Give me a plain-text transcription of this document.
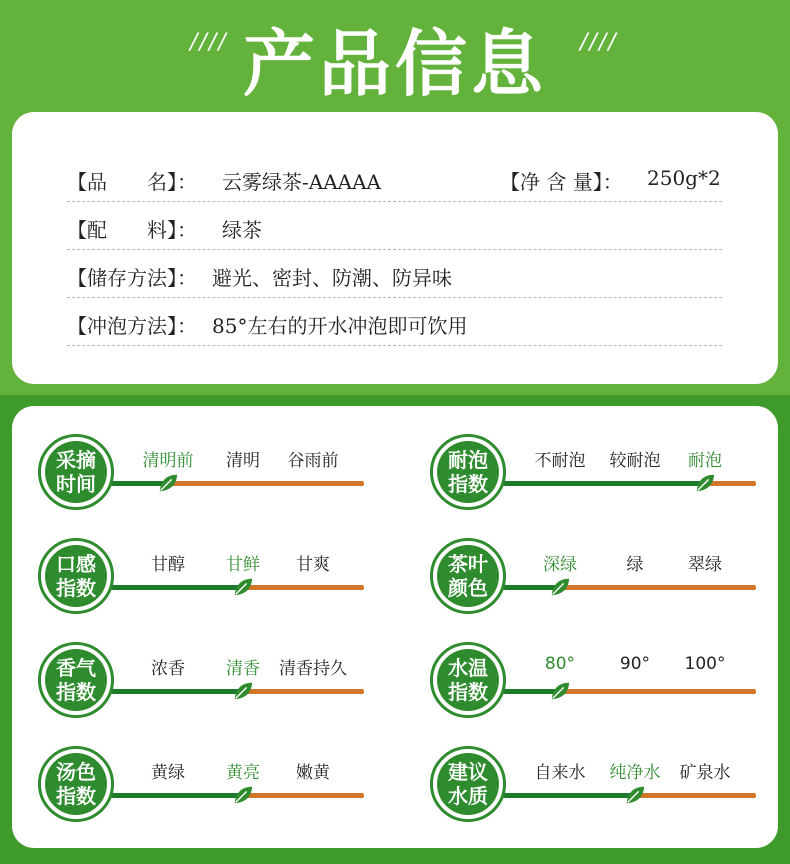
//// 产品信息	////
【品　　名】： 云雾绿茶-AAAAA	【净 含 量】： 250g*2
【配　　料】： 绿茶
【储存方法】： 避光、密封、防潮、防异味
【冲泡方法】： 85°左右的开水冲泡即可饮用
采摘
时间
清明前 清明 谷雨前	耐泡
指数
不耐泡 较耐泡 耐泡
口感
指数
甘醇 甘鲜 甘爽	茶叶
颜色
深绿	绿	翠绿
香气
指数
浓香 清香 清香持久	水温
指数
80°	90° 100°
汤色
指数
黄绿 黄亮 嫩黄	建议
水质
自来水 纯净水 矿泉水
